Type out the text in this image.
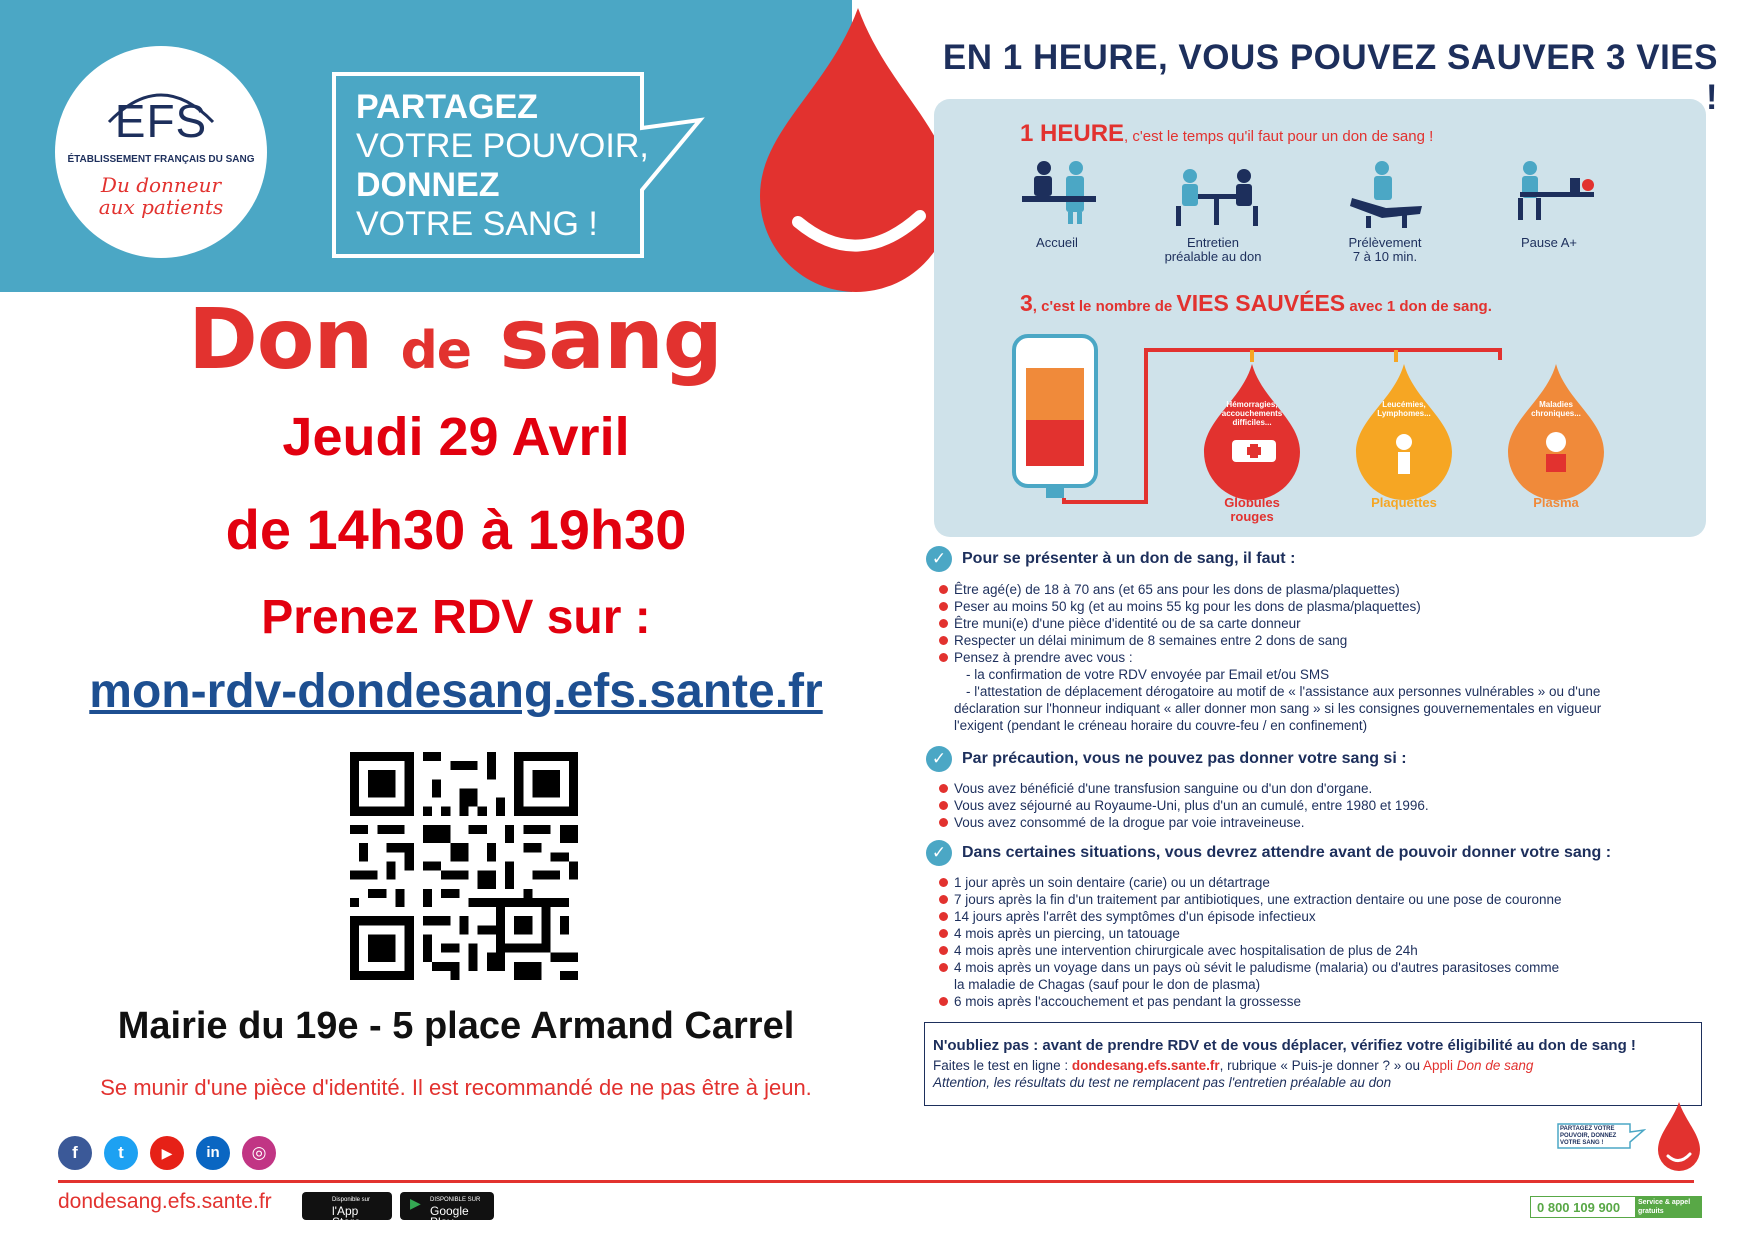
EFS
ÉTABLISSEMENT FRANÇAIS DU SANG
Du donneur
aux patients
PARTAGEZ
VOTRE POUVOIR,
DONNEZ
VOTRE SANG !
EN 1 HEURE, VOUS POUVEZ SAUVER 3 VIES !
1 HEURE, c'est le temps qu'il faut pour un don de sang !
Accueil	Entretien
préalable au don
Prélèvement
7 à 10 min.
Pause A+
3, c'est le nombre de VIES SAUVÉES avec 1 don de sang.
Hémorragies, accouchements difficiles...
Leucémies, Lymphomes...
Maladies chroniques...
Globules
rouges
Plaquettes	Plasma
Don de sang
Jeudi 29 Avril
de 14h30 à 19h30
Prenez RDV sur :
mon-rdv-dondesang.efs.sante.fr
Mairie du 19e - 5 place Armand Carrel
Se munir d'une pièce d'identité. Il est recommandé de ne pas être à jeun.
✓ Pour se présenter à un don de sang, il faut :
Être agé(e) de 18 à 70 ans (et 65 ans pour les dons de plasma/plaquettes)
Peser au moins 50 kg (et au moins 55 kg pour les dons de plasma/plaquettes)
Être muni(e) d'une pièce d'identité ou de sa carte donneur
Respecter un délai minimum de 8 semaines entre 2 dons de sang
Pensez à prendre avec vous :
- la confirmation de votre RDV envoyée par Email et/ou SMS
- l'attestation de déplacement dérogatoire au motif de « l'assistance aux personnes vulnérables » ou d'une
déclaration sur l'honneur indiquant « aller donner mon sang » si les consignes gouvernementales en vigueur
l'exigent (pendant le créneau horaire du couvre-feu / en confinement)
✓ Par précaution, vous ne pouvez pas donner votre sang si :
Vous avez bénéficié d'une transfusion sanguine ou d'un don d'organe.
Vous avez séjourné au Royaume-Uni, plus d'un an cumulé, entre 1980 et 1996.
Vous avez consommé de la drogue par voie intraveineuse.
✓ Dans certaines situations, vous devrez attendre avant de pouvoir donner votre sang :
1 jour après un soin dentaire (carie) ou un détartrage
7 jours après la fin d'un traitement par antibiotiques, une extraction dentaire ou une pose de couronne
14 jours après l'arrêt des symptômes d'un épisode infectieux
4 mois après un piercing, un tatouage
4 mois après une intervention chirurgicale avec hospitalisation de plus de 24h
4 mois après un voyage dans un pays où sévit le paludisme (malaria) ou d'autres parasitoses comme
la maladie de Chagas (sauf pour le don de plasma)
6 mois après l'accouchement et pas pendant la grossesse
N'oubliez pas : avant de prendre RDV et de vous déplacer, vérifiez votre éligibilité au don de sang !
Faites le test en ligne : dondesang.efs.sante.fr, rubrique « Puis-je donner ? » ou Appli Don de sang
Attention, les résultats du test ne remplacent pas l'entretien préalable au don
PARTAGEZ VOTRE POUVOIR, DONNEZ VOTRE SANG !
f	t	▶	in	◎
dondesang.efs.sante.fr	Disponible sur
l'App Store
▶ DISPONIBLE SUR
Google Play
0 800 109 900	Service & appel gratuits
